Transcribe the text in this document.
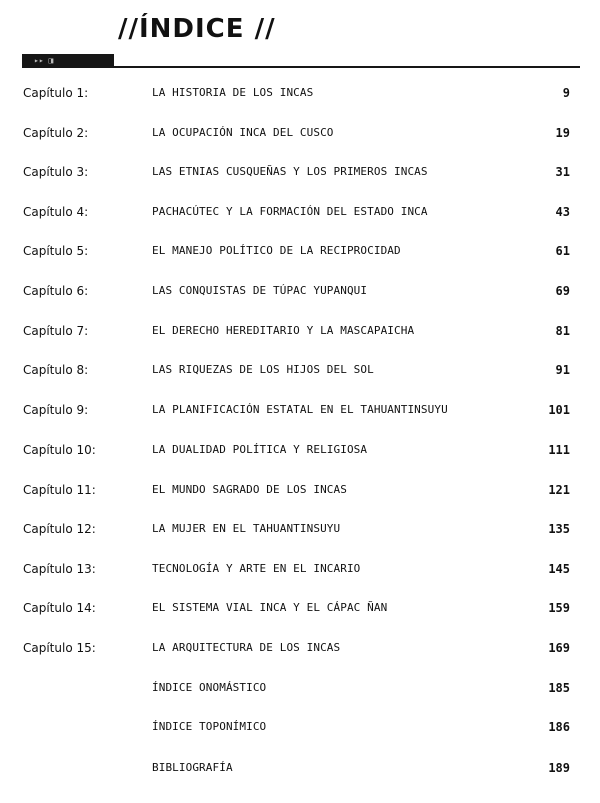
//ÍNDICE //
▸▸ ◨
Capítulo 1:	LA HISTORIA DE LOS INCAS	9
Capítulo 2:	LA OCUPACIÓN INCA DEL CUSCO	19
Capítulo 3:	LAS ETNIAS CUSQUEÑAS Y LOS PRIMEROS INCAS	31
Capítulo 4:	PACHACÚTEC Y LA FORMACIÓN DEL ESTADO INCA	43
Capítulo 5:	EL MANEJO POLÍTICO DE LA RECIPROCIDAD	61
Capítulo 6:	LAS CONQUISTAS DE TÚPAC YUPANQUI	69
Capítulo 7:	EL DERECHO HEREDITARIO Y LA MASCAPAICHA	81
Capítulo 8:	LAS RIQUEZAS DE LOS HIJOS DEL SOL	91
Capítulo 9:	LA PLANIFICACIÓN ESTATAL EN EL TAHUANTINSUYU	101
Capítulo 10:	LA DUALIDAD POLÍTICA Y RELIGIOSA	111
Capítulo 11:	EL MUNDO SAGRADO DE LOS INCAS	121
Capítulo 12:	LA MUJER EN EL TAHUANTINSUYU	135
Capítulo 13:	TECNOLOGÍA Y ARTE EN EL INCARIO	145
Capítulo 14:	EL SISTEMA VIAL INCA Y EL CÁPAC ÑAN	159
Capítulo 15:	LA ARQUITECTURA DE LOS INCAS	169
ÍNDICE ONOMÁSTICO	185
ÍNDICE TOPONÍMICO	186
BIBLIOGRAFÍA	189
